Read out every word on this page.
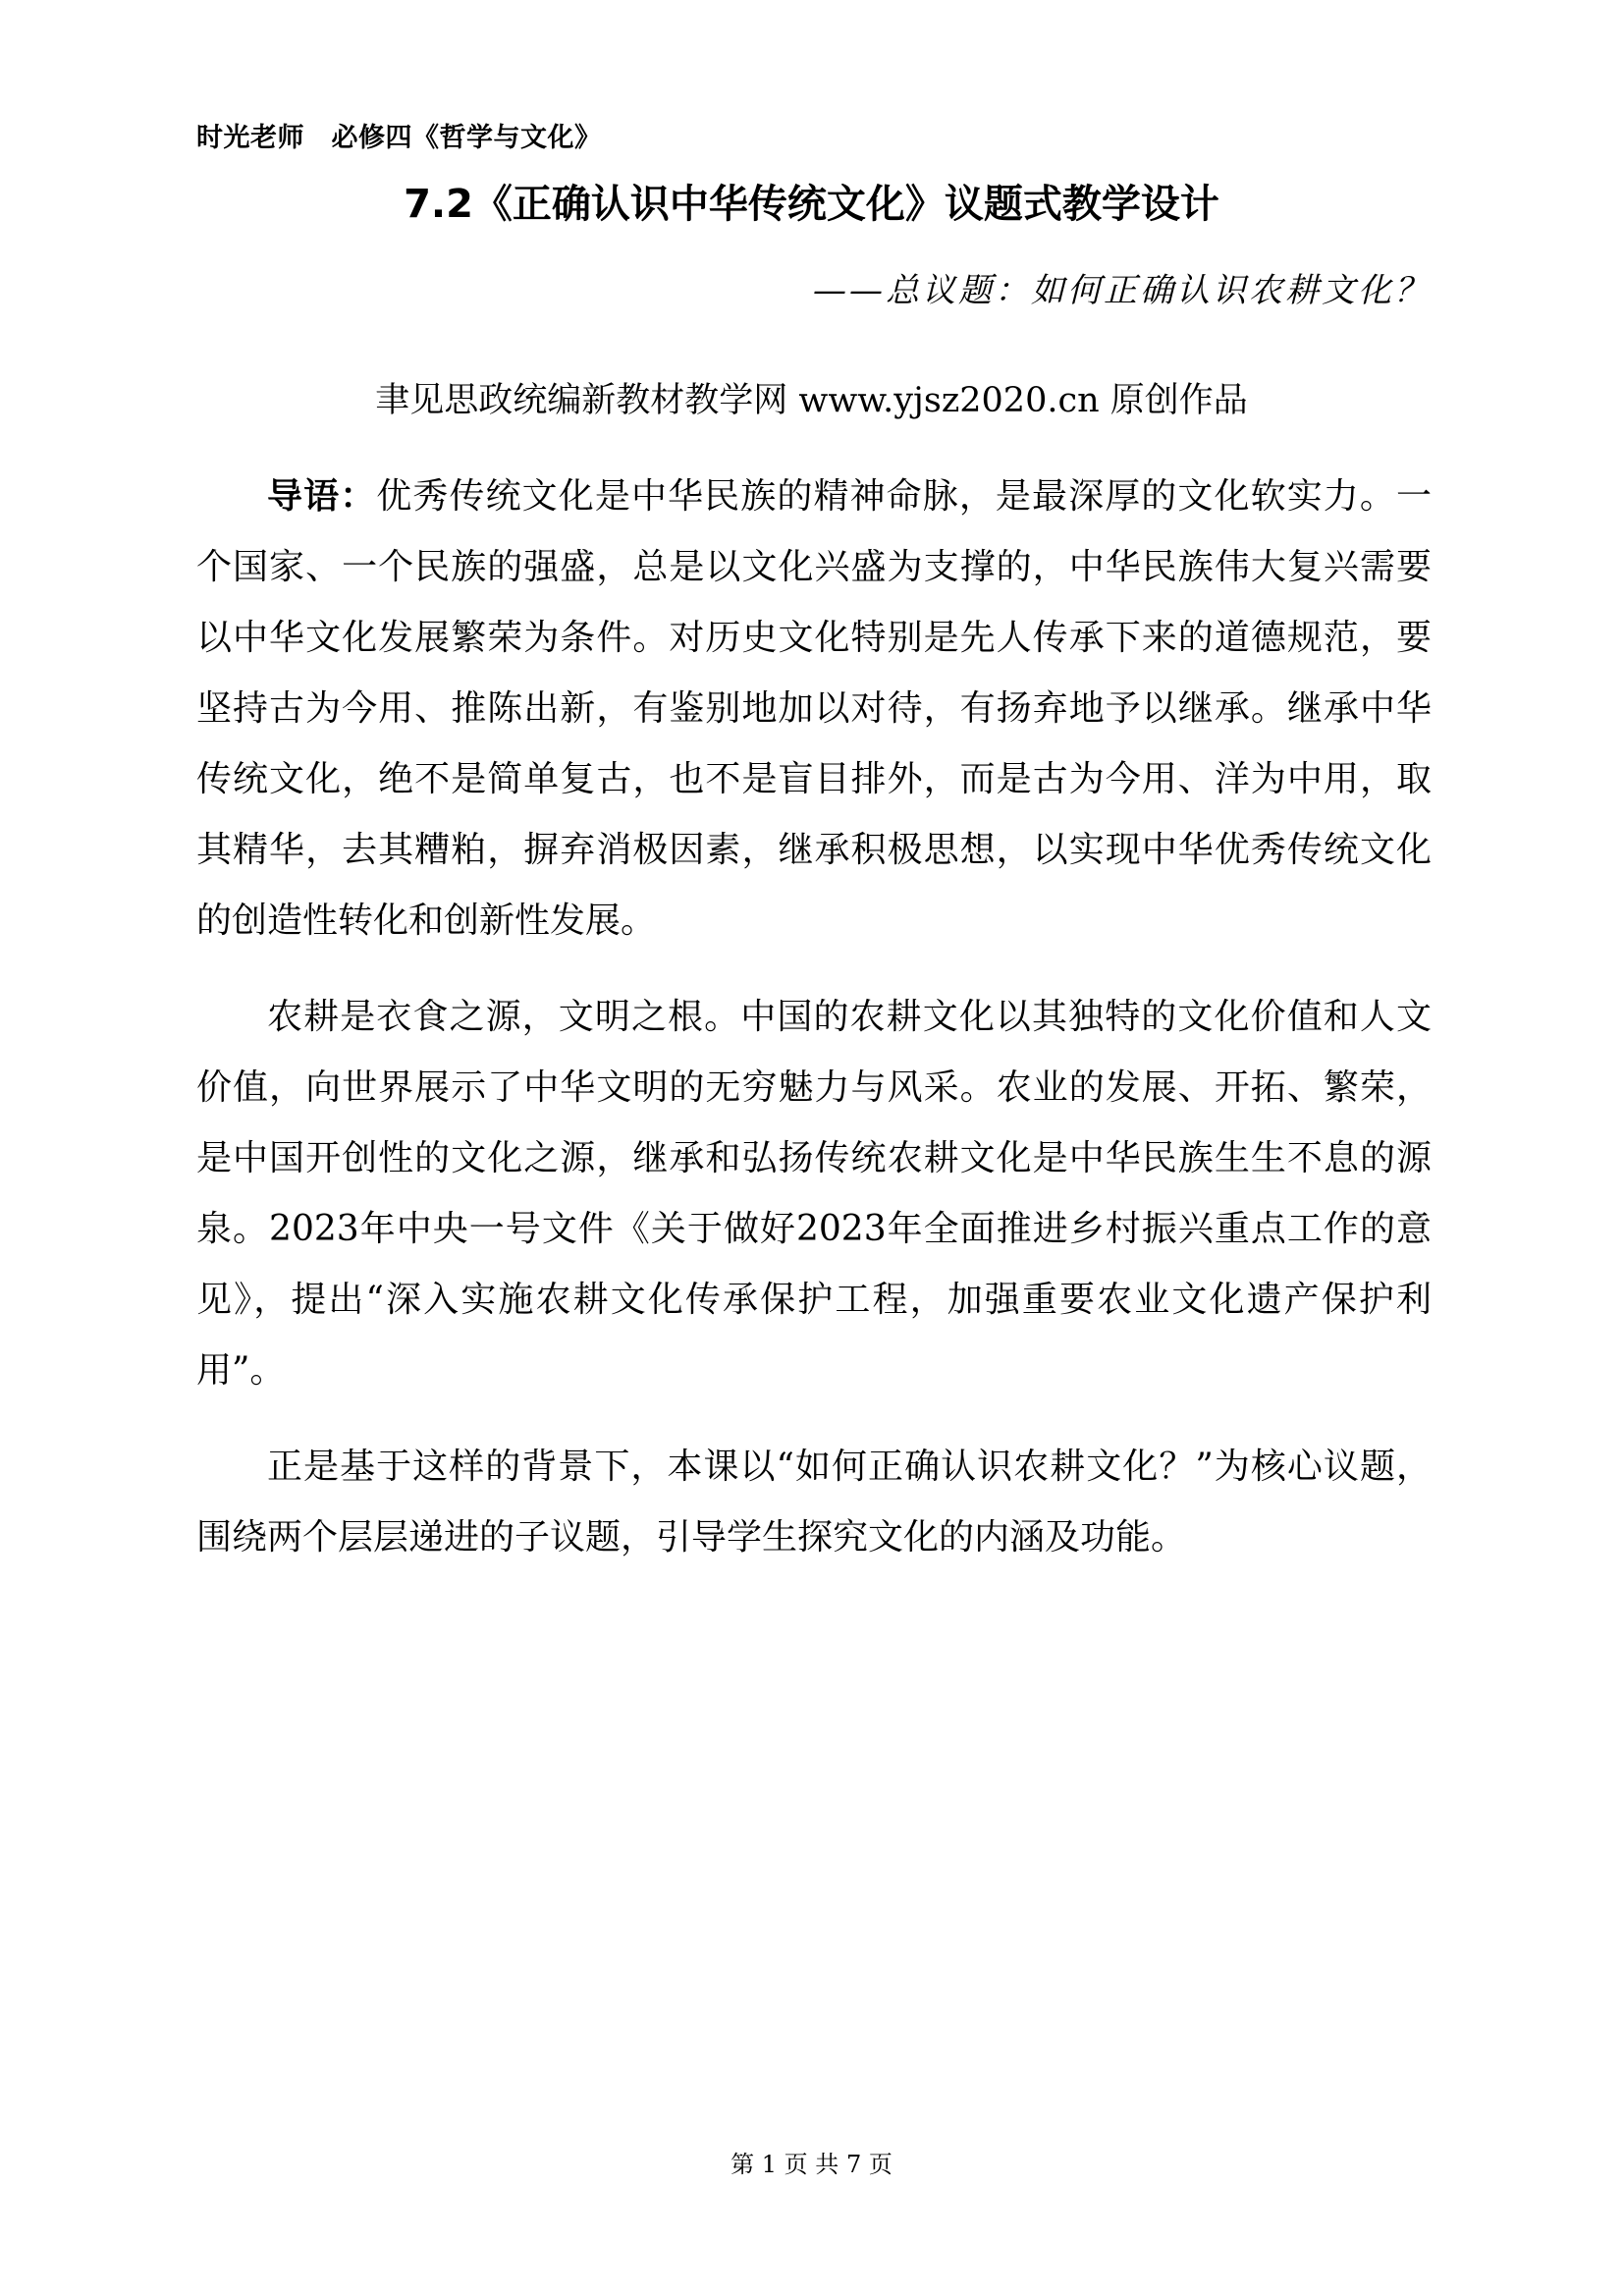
时光老师　 必修四《哲学与文化》
7.2《正确认识中华传统文化》议题式教学设计
——总议题：如何正确认识农耕文化？
聿见思政统编新教材教学网 www.yjsz2020.cn 原创作品

导语：优秀传统文化是中华民族的精神命脉，是最深厚的文化软实力。一个国家、一个民族的强盛，总是以文化兴盛为支撑的，中华民族伟大复兴需要以中华文化发展繁荣为条件。对历史文化特别是先人传承下来的道德规范，要坚持古为今用、推陈出新，有鉴别地加以对待，有扬弃地予以继承。继承中华传统文化，绝不是简单复古，也不是盲目排外，而是古为今用、洋为中用，取其精华，去其糟粕，摒弃消极因素，继承积极思想，以实现中华优秀传统文化的创造性转化和创新性发展。

农耕是衣食之源，文明之根。中国的农耕文化以其独特的文化价值和人文价值，向世界展示了中华文明的无穷魅力与风采。农业的发展、开拓、繁荣，是中国开创性的文化之源，继承和弘扬传统农耕文化是中华民族生生不息的源泉。2023年中央一号文件《关于做好2023年全面推进乡村振兴重点工作的意见》，提出“深入实施农耕文化传承保护工程，加强重要农业文化遗产保护利用”。

正是基于这样的背景下，本课以“如何正确认识农耕文化？”为核心议题，围绕两个层层递进的子议题，引导学生探究文化的内涵及功能。

第 1 页 共 7 页
